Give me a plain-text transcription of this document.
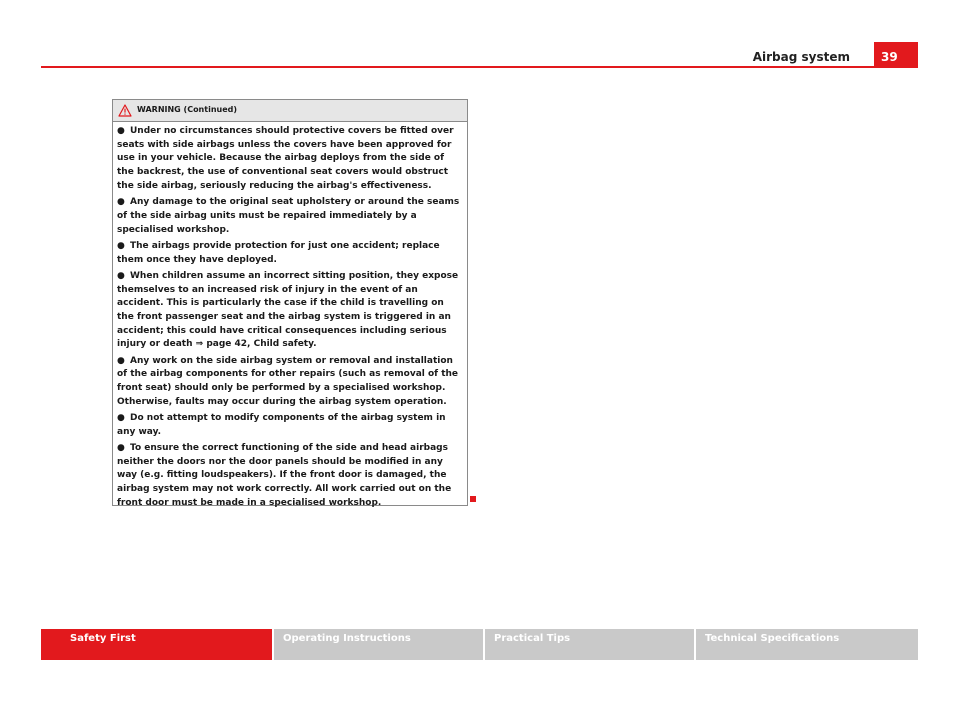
Airbag system	39
WARNING (Continued)

● Under no circumstances should protective covers be fitted over seats with side airbags unless the covers have been approved for use in your vehicle. Because the airbag deploys from the side of the backrest, the use of conventional seat covers would obstruct the side airbag, seriously reducing the airbag's effectiveness.

● Any damage to the original seat upholstery or around the seams of the side airbag units must be repaired immediately by a specialised workshop.

● The airbags provide protection for just one accident; replace them once they have deployed.

● When children assume an incorrect sitting position, they expose themselves to an increased risk of injury in the event of an accident. This is particularly the case if the child is travelling on the front passenger seat and the airbag system is triggered in an accident; this could have critical consequences including serious injury or death ⇒ page 42, Child safety.

● Any work on the side airbag system or removal and installation of the airbag components for other repairs (such as removal of the front seat) should only be performed by a specialised workshop. Otherwise, faults may occur during the airbag system operation.

● Do not attempt to modify components of the airbag system in any way.

● To ensure the correct functioning of the side and head airbags neither the doors nor the door panels should be modified in any way (e.g. fitting loudspeakers). If the front door is damaged, the airbag system may not work correctly. All work carried out on the front door must be made in a specialised workshop.

Safety First	Operating Instructions	Practical Tips	Technical Specifications
